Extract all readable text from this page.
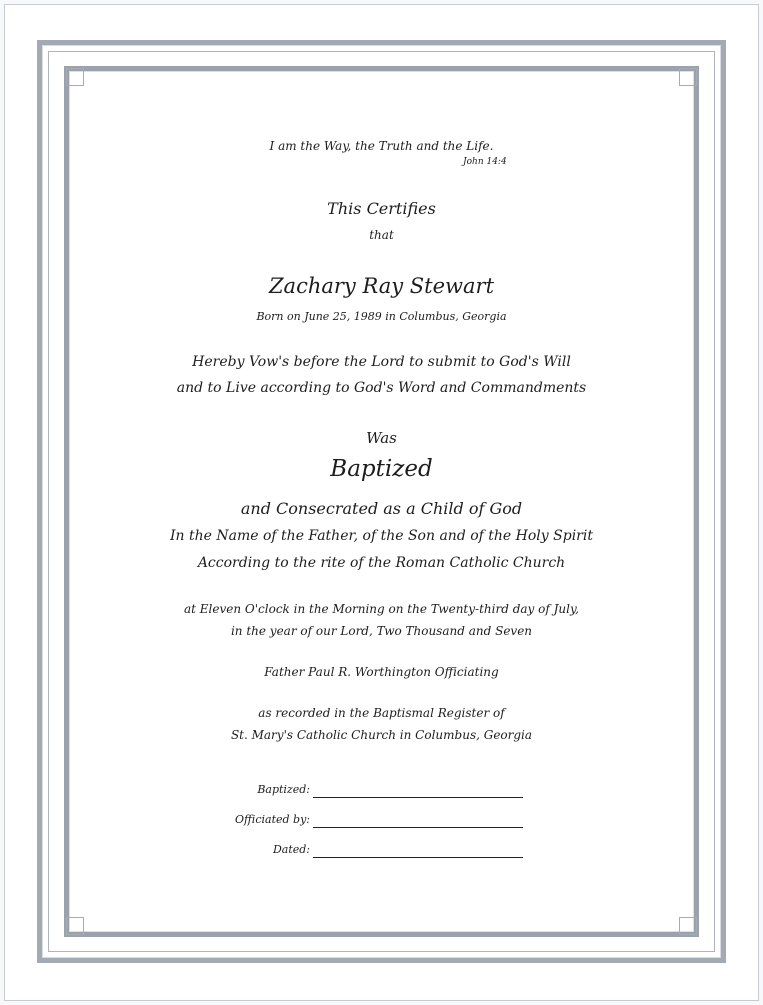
I am the Way, the Truth and the Life.
John 14:4
This Certifies
that
Zachary Ray Stewart
Born on June 25, 1989 in Columbus, Georgia
Hereby Vow's before the Lord to submit to God's Will
and to Live according to God's Word and Commandments
Was
Baptized
and Consecrated as a Child of God
In the Name of the Father, of the Son and of the Holy Spirit
According to the rite of the Roman Catholic Church
at Eleven O'clock in the Morning on the Twenty-third day of July,
in the year of our Lord, Two Thousand and Seven
Father Paul R. Worthington Officiating
as recorded in the Baptismal Register of
St. Mary's Catholic Church in Columbus, Georgia
Baptized:
Officiated by:
Dated:
